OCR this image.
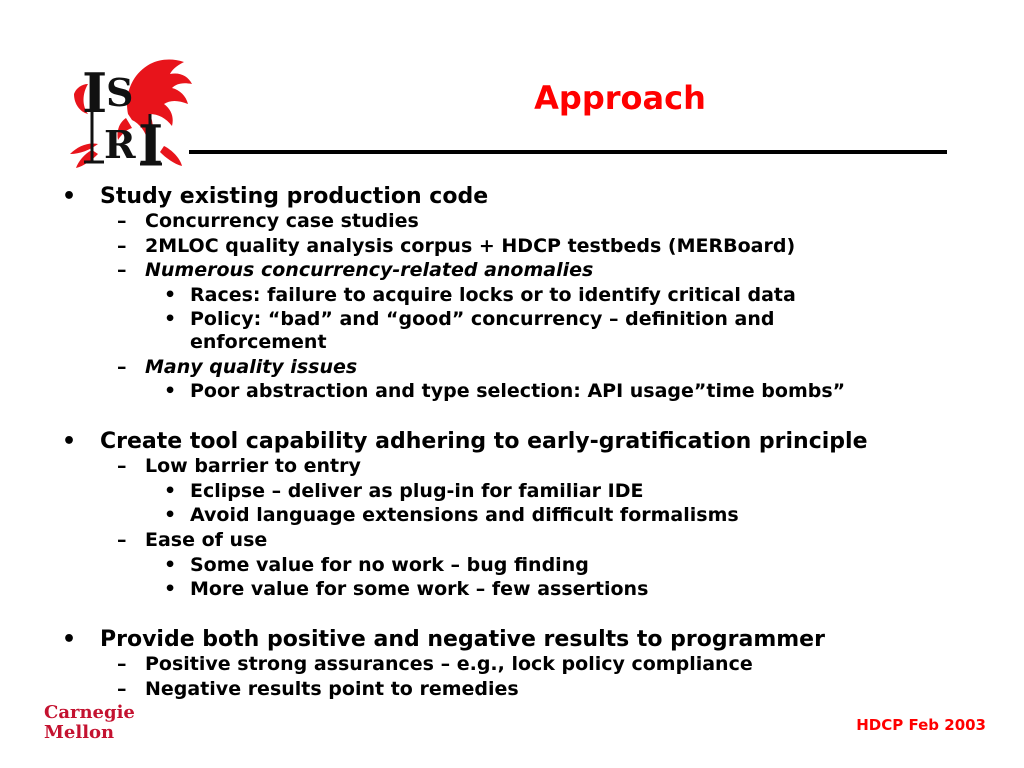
I
S
R I
Approach
• Study existing production code
– Concurrency case studies
– 2MLOC quality analysis corpus + HDCP testbeds (MERBoard)
– Numerous concurrency-related anomalies
• Races: failure to acquire locks or to identify critical data
• Policy: “bad” and “good” concurrency – definition and
enforcement
– Many quality issues
• Poor abstraction and type selection: API usage”time bombs”
• Create tool capability adhering to early-gratification principle
– Low barrier to entry
• Eclipse – deliver as plug-in for familiar IDE
• Avoid language extensions and difficult formalisms
– Ease of use
• Some value for no work – bug finding
• More value for some work – few assertions
• Provide both positive and negative results to programmer
– Positive strong assurances – e.g., lock policy compliance
– Negative results point to remedies
Carnegie
Mellon	HDCP Feb 2003
